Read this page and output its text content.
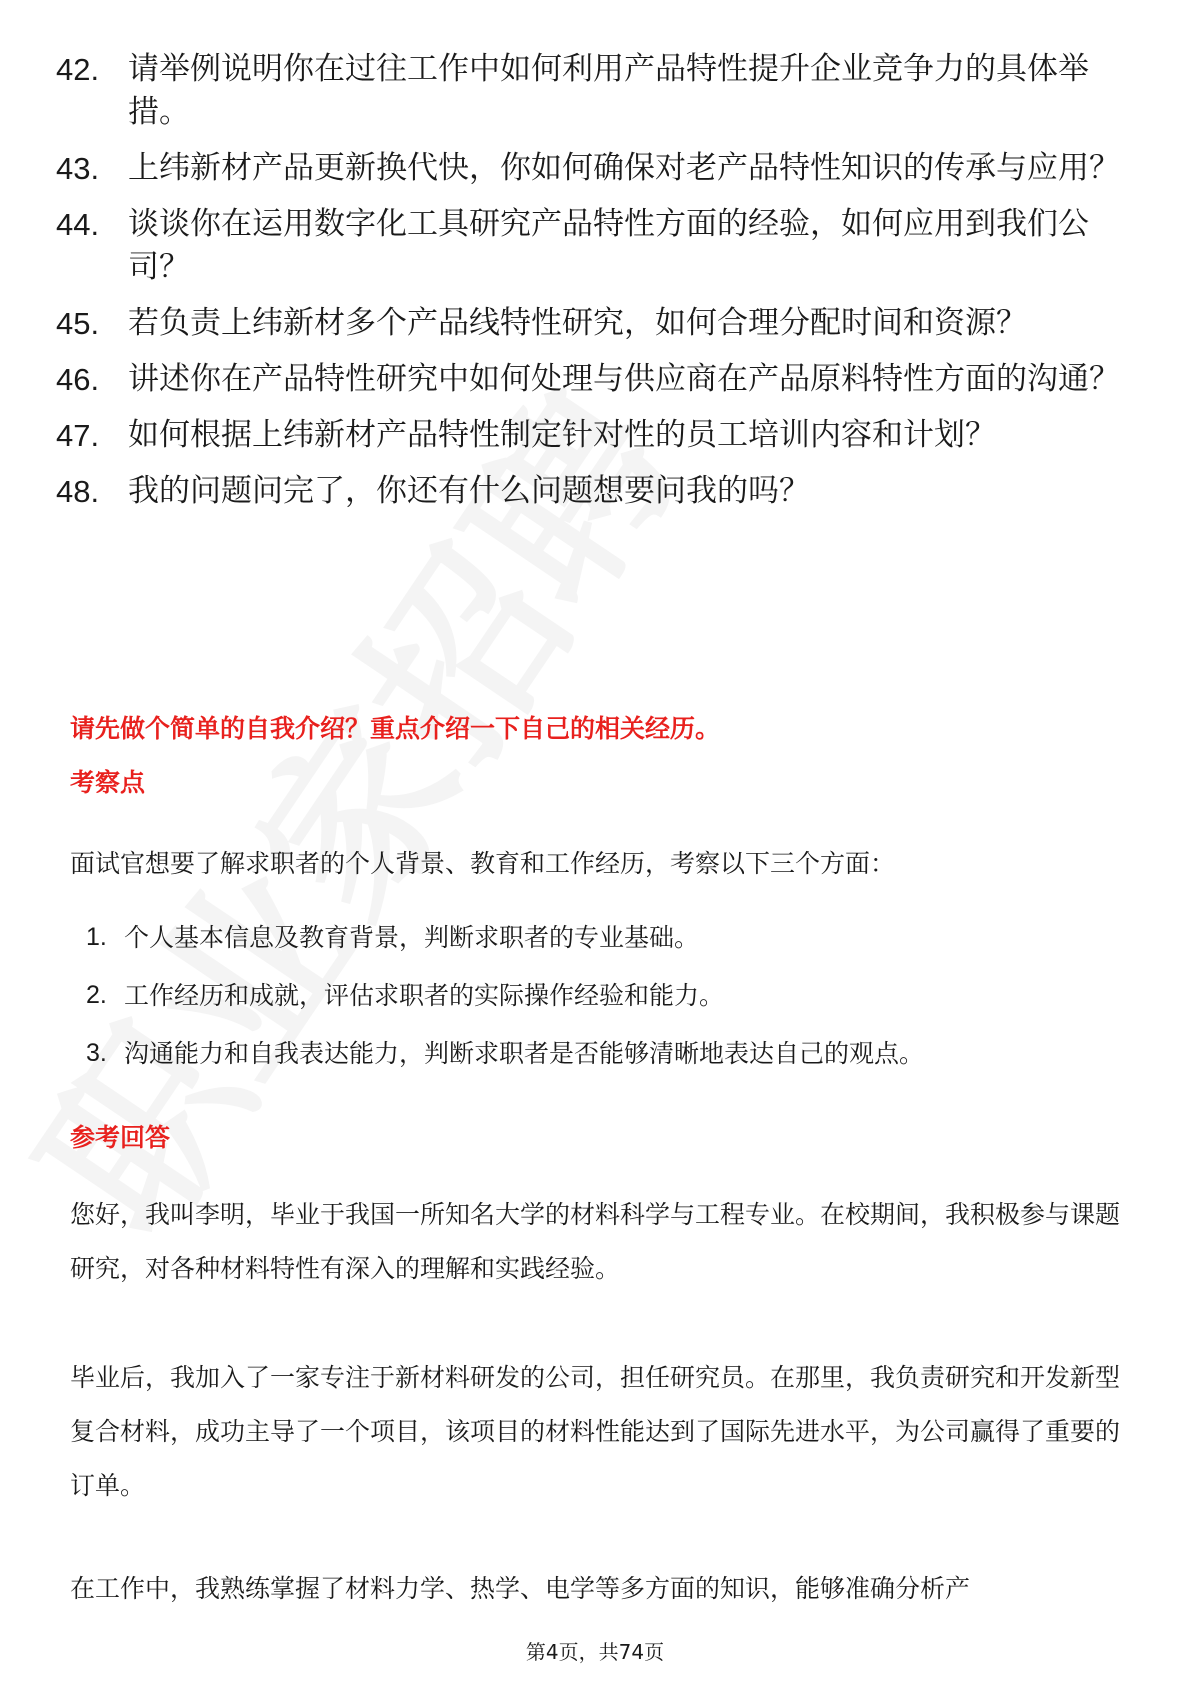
42. 请举例说明你在过往工作中如何利用产品特性提升企业竞争力的具体举措。
43. 上纬新材产品更新换代快，你如何确保对老产品特性知识的传承与应用？
44. 谈谈你在运用数字化工具研究产品特性方面的经验，如何应用到我们公司？
45. 若负责上纬新材多个产品线特性研究，如何合理分配时间和资源？
46. 讲述你在产品特性研究中如何处理与供应商在产品原料特性方面的沟通？
47. 如何根据上纬新材产品特性制定针对性的员工培训内容和计划？
48. 我的问题问完了，你还有什么问题想要问我的吗？
请先做个简单的自我介绍？重点介绍一下自己的相关经历。
考察点
面试官想要了解求职者的个人背景、教育和工作经历，考察以下三个方面：
1. 个人基本信息及教育背景，判断求职者的专业基础。
2. 工作经历和成就，评估求职者的实际操作经验和能力。
3. 沟通能力和自我表达能力，判断求职者是否能够清晰地表达自己的观点。
参考回答
您好，我叫李明，毕业于我国一所知名大学的材料科学与工程专业。在校期间，我积极参与课题研究，对各种材料特性有深入的理解和实践经验。
毕业后，我加入了一家专注于新材料研发的公司，担任研究员。在那里，我负责研究和开发新型复合材料，成功主导了一个项目，该项目的材料性能达到了国际先进水平，为公司赢得了重要的订单。
在工作中，我熟练掌握了材料力学、热学、电学等多方面的知识，能够准确分析产
第4页，共74页
